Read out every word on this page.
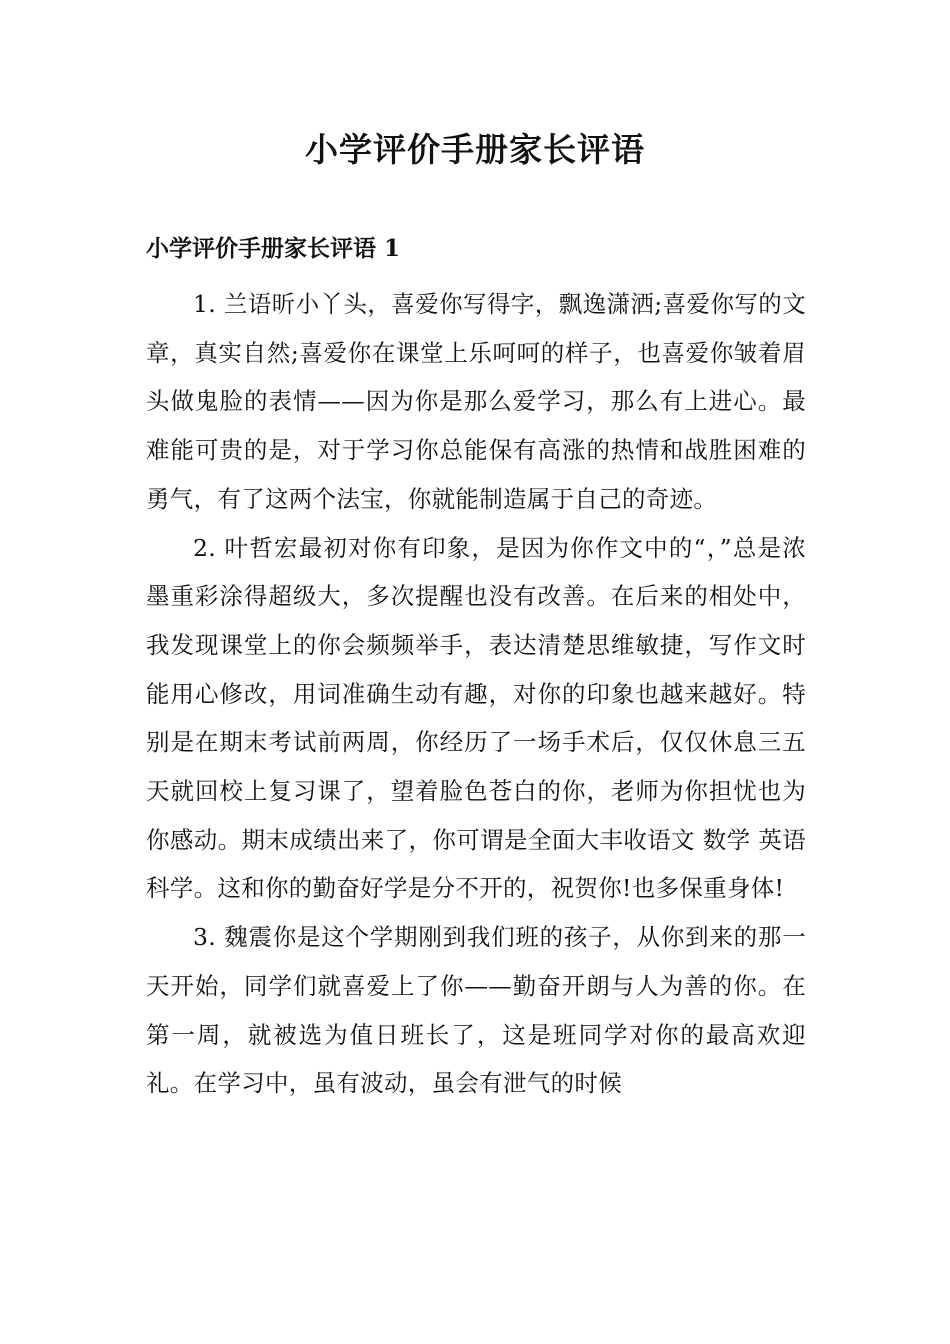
小学评价手册家长评语
小学评价手册家长评语 1

1. 兰语昕小丫头，喜爱你写得字，飘逸潇洒;喜爱你写的文章，真实自然;喜爱你在课堂上乐呵呵的样子，也喜爱你皱着眉头做鬼脸的表情——因为你是那么爱学习，那么有上进心。最难能可贵的是，对于学习你总能保有高涨的热情和战胜困难的勇气，有了这两个法宝，你就能制造属于自己的奇迹。

2. 叶哲宏最初对你有印象，是因为你作文中的“，”总是浓墨重彩涂得超级大，多次提醒也没有改善。在后来的相处中，我发现课堂上的你会频频举手，表达清楚思维敏捷，写作文时能用心修改，用词准确生动有趣，对你的印象也越来越好。特别是在期末考试前两周，你经历了一场手术后，仅仅休息三五天就回校上复习课了，望着脸色苍白的你，老师为你担忧也为你感动。期末成绩出来了，你可谓是全面大丰收语文 数学 英语科学。这和你的勤奋好学是分不开的，祝贺你!也多保重身体!

3. 魏震你是这个学期刚到我们班的孩子，从你到来的那一天开始，同学们就喜爱上了你——勤奋开朗与人为善的你。在第一周，就被选为值日班长了，这是班同学对你的最高欢迎礼。在学习中，虽有波动，虽会有泄气的时候
